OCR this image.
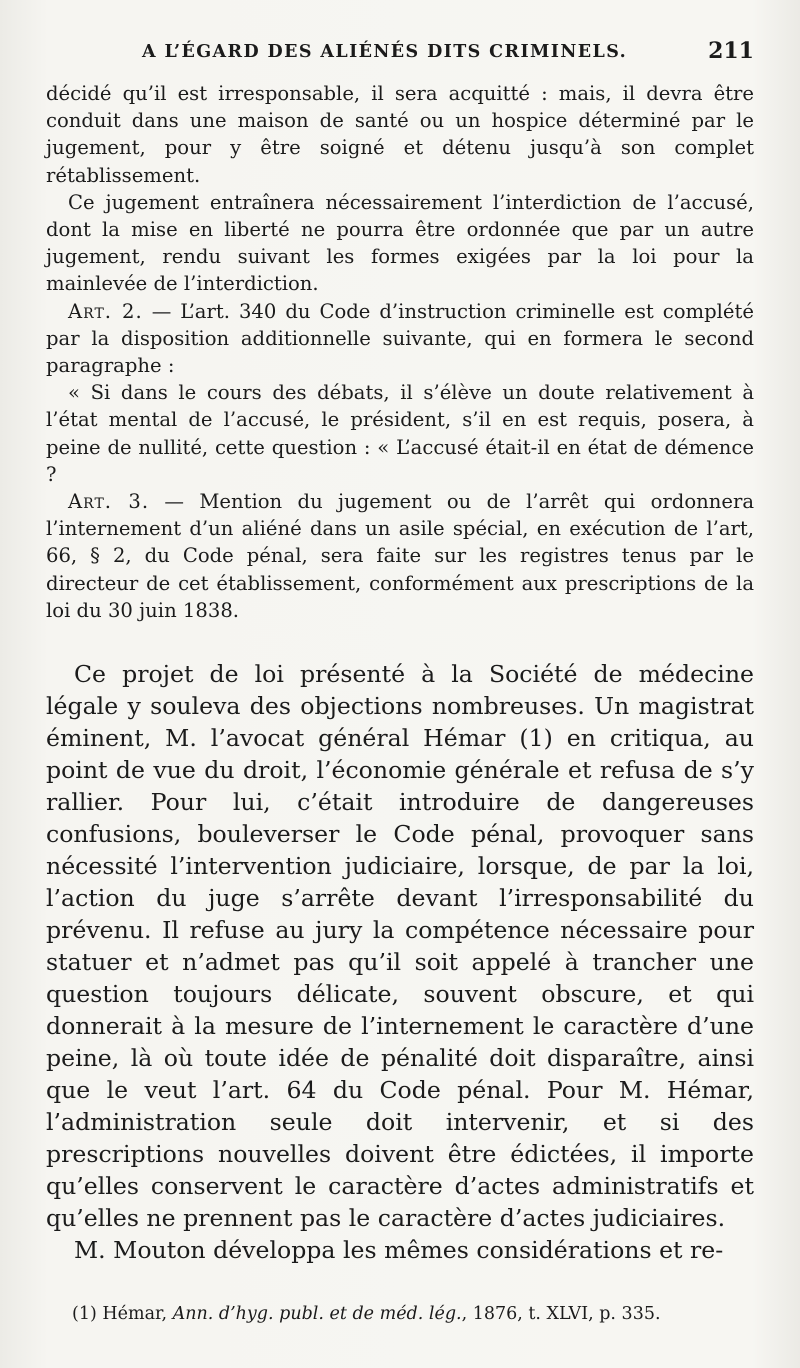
A L’ÉGARD DES ALIÉNÉS DITS CRIMINELS.	211

décidé qu’il est irresponsable, il sera acquitté : mais, il devra être conduit dans une maison de santé ou un hospice déterminé par le jugement, pour y être soigné et détenu jusqu’à son complet rétablissement.

Ce jugement entraînera nécessairement l’interdiction de l’accusé, dont la mise en liberté ne pourra être ordonnée que par un autre jugement, rendu suivant les formes exigées par la loi pour la mainlevée de l’interdiction.

Art. 2. — L’art. 340 du Code d’instruction criminelle est complété par la disposition additionnelle suivante, qui en formera le second paragraphe :

« Si dans le cours des débats, il s’élève un doute relativement à l’état mental de l’accusé, le président, s’il en est requis, posera, à peine de nullité, cette question : « L’accusé était-il en état de démence ?

Art. 3. — Mention du jugement ou de l’arrêt qui ordonnera l’internement d’un aliéné dans un asile spécial, en exécution de l’art, 66, § 2, du Code pénal, sera faite sur les registres tenus par le directeur de cet établissement, conformément aux prescriptions de la loi du 30 juin 1838.

Ce projet de loi présenté à la Société de médecine légale y souleva des objections nombreuses. Un magistrat éminent, M. l’avocat général Hémar (1) en critiqua, au point de vue du droit, l’économie générale et refusa de s’y rallier. Pour lui, c’était introduire de dangereuses confusions, bouleverser le Code pénal, provoquer sans nécessité l’intervention judiciaire, lorsque, de par la loi, l’action du juge s’arrête devant l’irresponsabilité du prévenu. Il refuse au jury la compétence nécessaire pour statuer et n’admet pas qu’il soit appelé à trancher une question toujours délicate, souvent obscure, et qui donnerait à la mesure de l’internement le caractère d’une peine, là où toute idée de pénalité doit disparaître, ainsi que le veut l’art. 64 du Code pénal. Pour M. Hémar, l’administration seule doit intervenir, et si des prescriptions nouvelles doivent être édictées, il importe qu’elles conservent le caractère d’actes administratifs et qu’elles ne prennent pas le caractère d’actes judiciaires.

M. Mouton développa les mêmes considérations et re-

(1) Hémar, Ann. d’hyg. publ. et de méd. lég., 1876, t. XLVI, p. 335.
